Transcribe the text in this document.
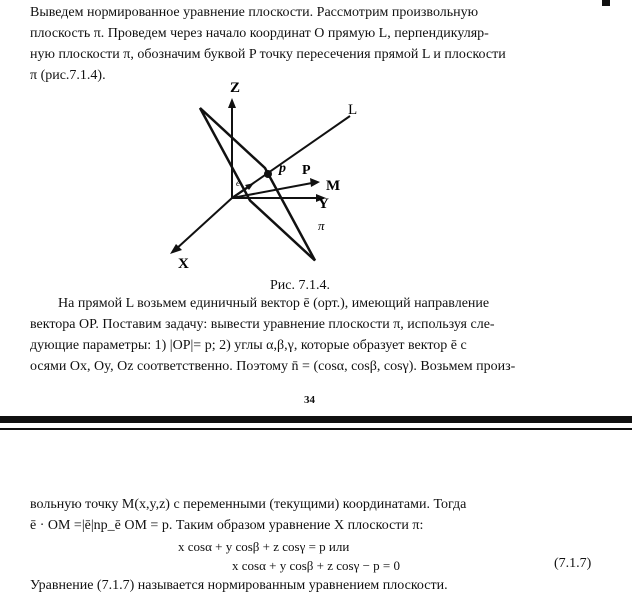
Выведем нормированное уравнение плоскости. Рассмотрим произвольную
плоскость π. Проведем через начало координат O прямую L, перпендикуляр-
ную плоскости π, обозначим буквой P точку пересечения прямой L и плоскости
π (рис.7.1.4).
Z
L
p P
M
Y
π
X
e
Рис. 7.1.4.
На прямой L возьмем единичный вектор ē (орт.), имеющий направление
вектора OP. Поставим задачу: вывести уравнение плоскости π, используя сле-
дующие параметры: 1) |OP|= p; 2) углы α,β,γ, которые образует вектор ē с
осями Ox, Oy, Oz соответственно. Поэтому n̄ = (cosα, cosβ, cosγ). Возьмем произ-
34
вольную точку M(x,y,z) с переменными (текущими) координатами. Тогда
ē · OM =|ē|np_ē OM = p. Таким образом уравнение X плоскости π:
x cosα + y cosβ + z cosγ = p или
x cosα + y cosβ + z cosγ − p = 0	(7.1.7)
Уравнение (7.1.7) называется нормированным уравнением плоскости.
